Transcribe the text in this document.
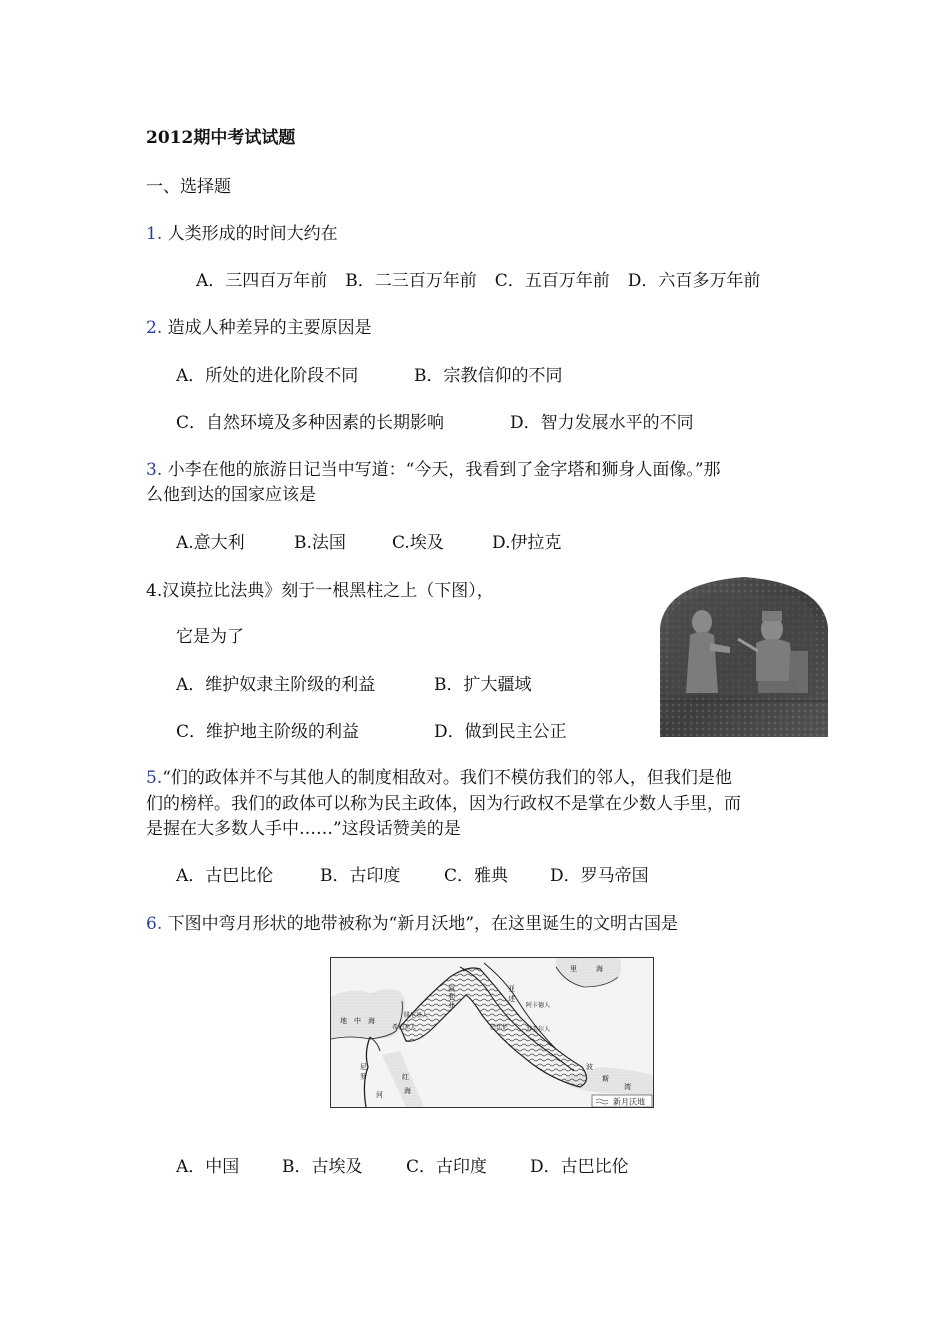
2012期中考试试题
一、选择题
1. 人类形成的时间大约在
A．三四百万年前 B．二三百万年前 C．五百万年前 D．六百多万年前
2. 造成人种差异的主要原因是
A．所处的进化阶段不同	B．宗教信仰的不同
C．自然环境及多种因素的长期影响	D．智力发展水平的不同
3. 小李在他的旅游日记当中写道：“今天，我看到了金字塔和狮身人面像。”那
么他到达的国家应该是
A.意大利	B.法国	C.埃及	D.伊拉克
4.汉谟拉比法典》刻于一根黑柱之上（下图），
它是为了
A．维护奴隶主阶级的利益	B．扩大疆域
C．维护地主阶级的利益	D．做到民主公正
5.“们的政体并不与其他人的制度相敌对。我们不模仿我们的邻人，但我们是他
们的榜样。我们的政体可以称为民主政体，因为行政权不是掌在少数人手里，而
是握在大多数人手中……”这段话赞美的是
A．古巴比伦	B．古印度	C．雅典 D．罗马帝国
6. 下图中弯月形状的地带被称为“新月沃地”，在这里诞生的文明古国是
新月沃地
里	海
地 中 海
叙
利
亚
腓尼基人
希伯来人
亚
述
阿卡德人
巴比伦	苏美尔人
尼
罗
河
红
海
波
斯
湾
A．中国	B．古埃及	C．古印度	D．古巴比伦
